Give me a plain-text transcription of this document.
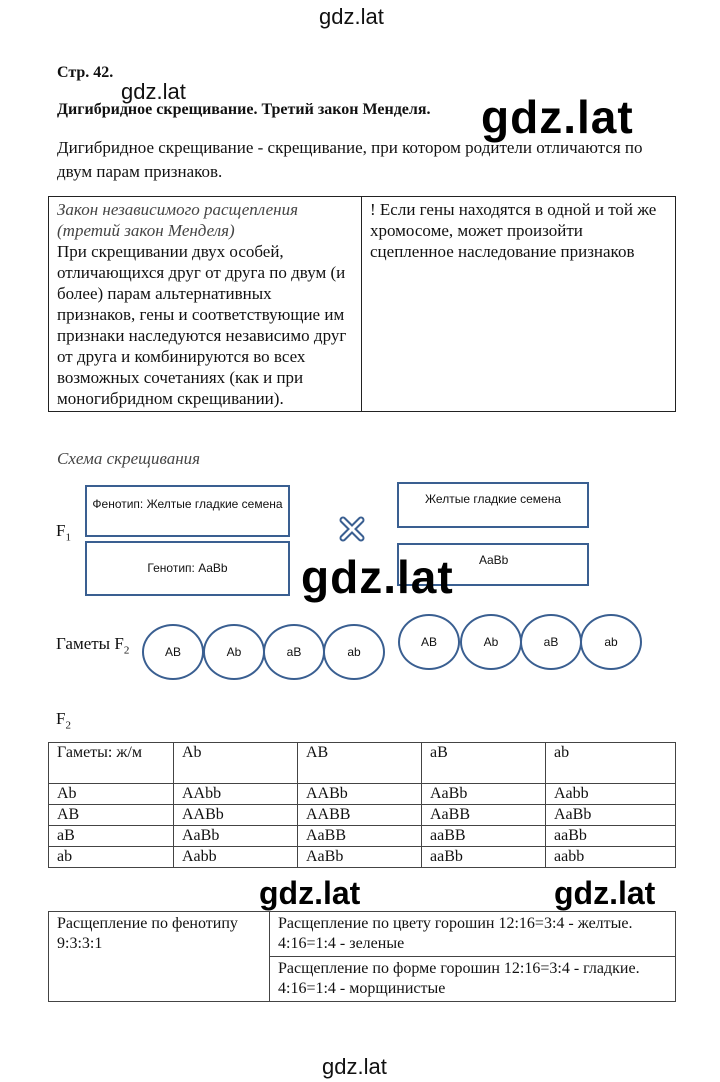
gdz.lat
Стр. 42.
gdz.lat
Дигибридное скрещивание. Третий закон Менделя. gdz.lat
Дигибридное скрещивание - скрещивание, при котором родители отличаются по двум парам признаков.
Закон независимого расщепления
(третий закон Менделя)
При скрещивании двух особей, отличающихся друг от друга по двум (и более) парам альтернативных признаков, гены и соответствующие им признаки наследуются независимо друг от друга и комбинируются во всех возможных сочетаниях (как и при моногибридном скрещивании).
	! Если гены находятся в одной и той же хромосоме, может произойти сцепленное наследование признаков
Схема скрещивания
$F_1$
Фенотип: Желтые гладкие семена
Генотип: AaBb
Желтые гладкие семена
AaBb
gdz.lat
Гаметы $F_2$	AB	Ab	aB	ab
AB	Ab	aB	ab
$F_2$
Гаметы: ж/м	Ab	AB	aB	ab
Ab	AAbb	AABb	AaBb	Aabb
AB	AABb	AABB	AaBB	AaBb
aB	AaBb	AaBB	aaBB	aaBb
ab	Aabb	AaBb	aaBb	aabb
gdz.lat	gdz.lat
Расщепление по фенотипу 9:3:3:1	Расщепление по цвету горошин 12:16=3:4 - желтые. 4:16=1:4 - зеленые
Расщепление по форме горошин 12:16=3:4 - гладкие. 4:16=1:4 - морщинистые
gdz.lat
